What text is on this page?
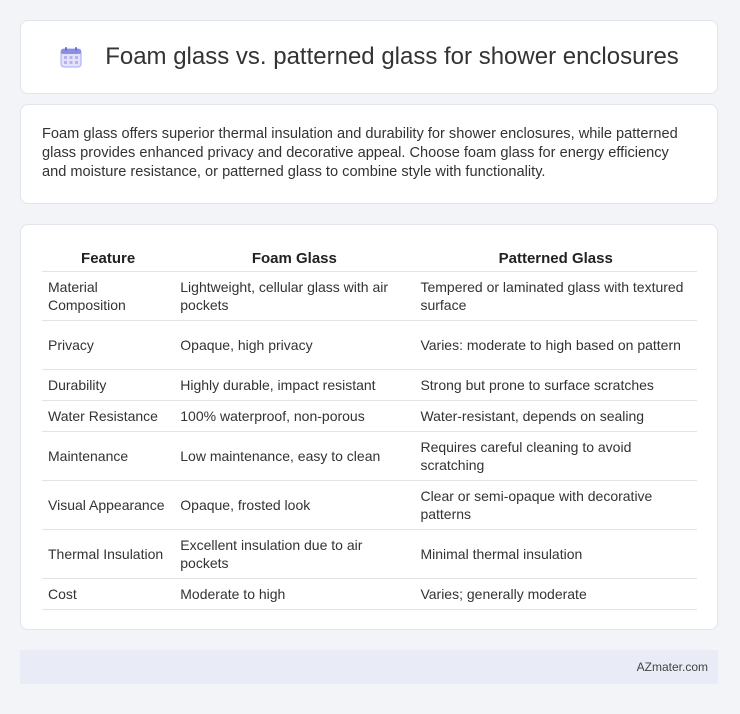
Foam glass vs. patterned glass for shower enclosures

Foam glass offers superior thermal insulation and durability for shower enclosures, while patterned glass provides enhanced privacy and decorative appeal. Choose foam glass for energy efficiency and moisture resistance, or patterned glass to combine style with functionality.

Feature	Foam Glass	Patterned Glass
Material Composition	Lightweight, cellular glass with air pockets	Tempered or laminated glass with textured surface
Privacy	Opaque, high privacy	Varies: moderate to high based on pattern
Durability	Highly durable, impact resistant	Strong but prone to surface scratches
Water Resistance	100% waterproof, non-porous	Water-resistant, depends on sealing
Maintenance	Low maintenance, easy to clean	Requires careful cleaning to avoid scratching
Visual Appearance	Opaque, frosted look	Clear or semi-opaque with decorative patterns
Thermal Insulation	Excellent insulation due to air pockets	Minimal thermal insulation
Cost	Moderate to high	Varies; generally moderate
AZmater.com
